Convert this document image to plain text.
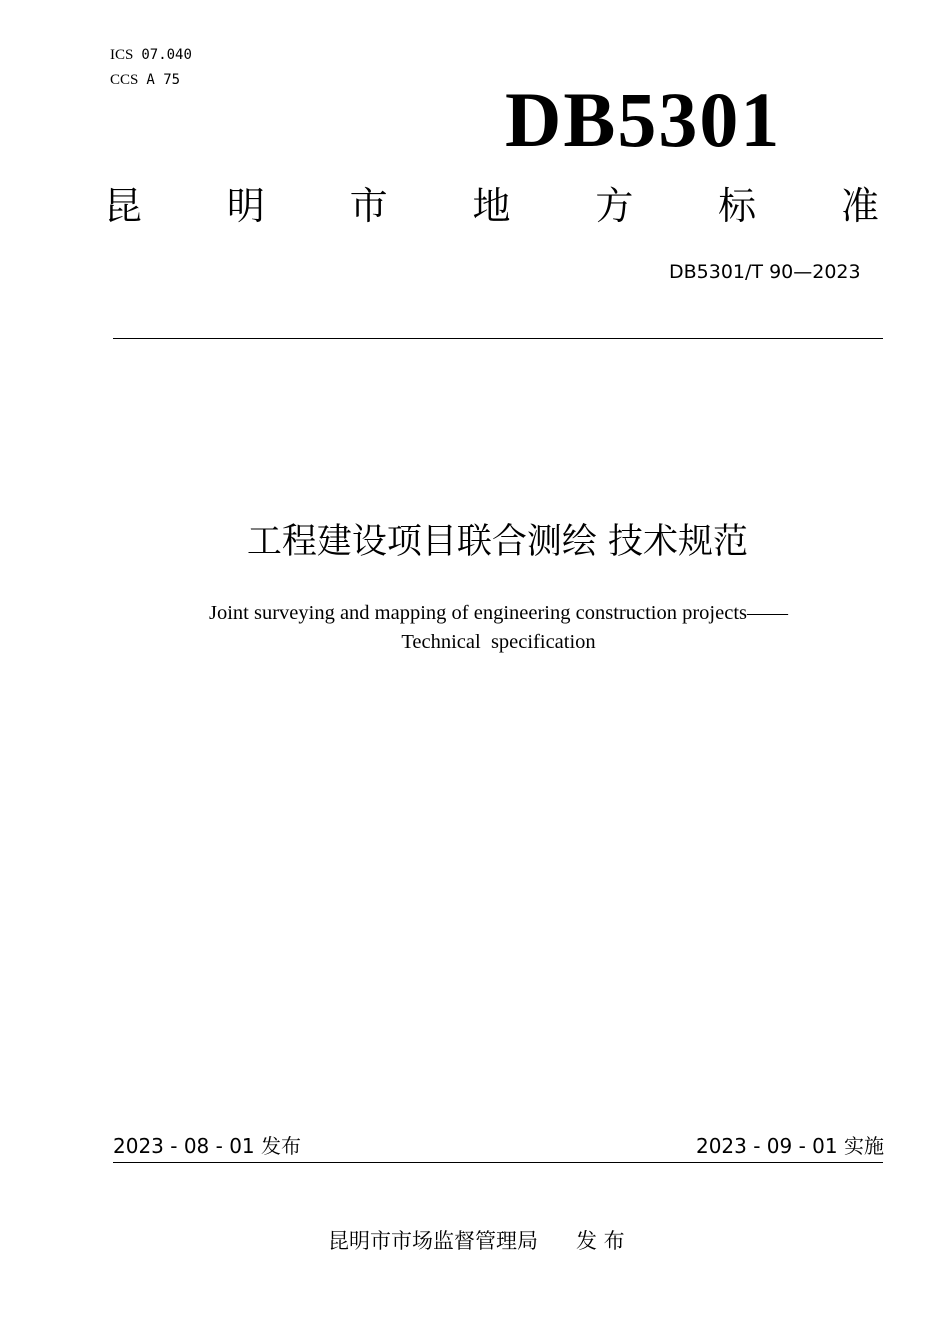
ICS 07.040
CCS A 75	DB5301
昆 明 市 地 方 标 准
DB5301/T 90—2023
工程建设项目联合测绘 技术规范
Joint surveying and mapping of engineering construction projects——
Technical  specification
2023 - 08 - 01 发布	2023 - 09 - 01 实施
昆明市市场监督管理局 发 布
